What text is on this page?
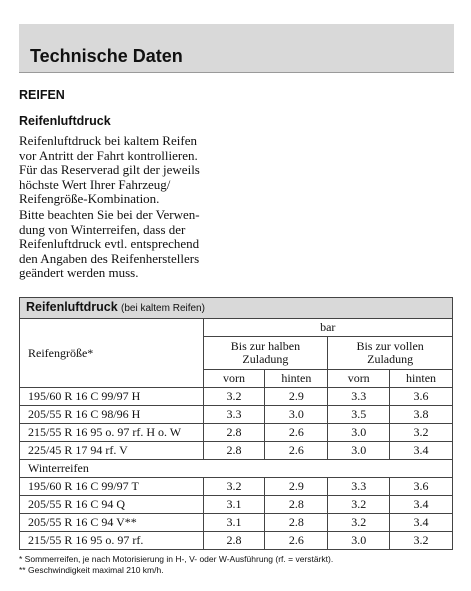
Technische Daten
REIFEN
Reifenluftdruck
Reifenluftdruck bei kaltem Reifen
vor Antritt der Fahrt kontrollieren.
Für das Reserverad gilt der jeweils
höchste Wert Ihrer Fahrzeug/
Reifengröße-Kombination.
Bitte beachten Sie bei der Verwen-
dung von Winterreifen, dass der
Reifenluftdruck evtl. entsprechend
den Angaben des Reifenherstellers
geändert werden muss.
Reifenluftdruck (bei kaltem Reifen)				
Reifengröße*	bar			
	Bis zur halben
Zuladung		Bis zur vollen
Zuladung	
	vorn	hinten	vorn	hinten
195/60 R 16 C 99/97 H	3.2	2.9	3.3	3.6
205/55 R 16 C 98/96 H	3.3	3.0	3.5	3.8
215/55 R 16 95 o. 97 rf. H o. W	2.8	2.6	3.0	3.2
225/45 R 17 94 rf. V	2.8	2.6	3.0	3.4
Winterreifen				
195/60 R 16 C 99/97 T	3.2	2.9	3.3	3.6
205/55 R 16 C 94 Q	3.1	2.8	3.2	3.4
205/55 R 16 C 94 V**	3.1	2.8	3.2	3.4
215/55 R 16 95 o. 97 rf.	2.8	2.6	3.0	3.2
* Sommerreifen, je nach Motorisierung in H-, V- oder W-Ausführung (rf. = verstärkt).
** Geschwindigkeit maximal 210 km/h.
